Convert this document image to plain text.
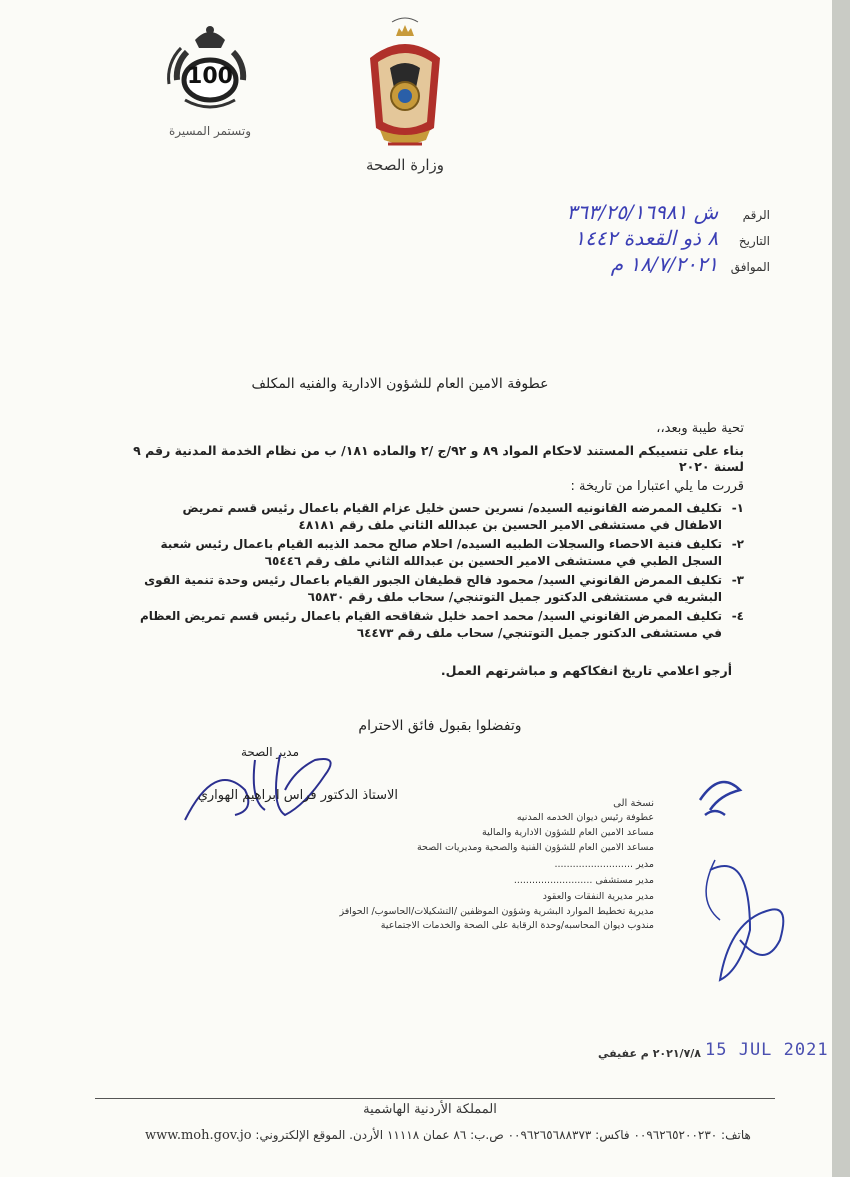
100
وتستمر المسيرة
وزارة الصحة
الرقم ش ٣٦٣/٢٥/١٦٩٨١
التاريخ ٨ ذو القعدة ١٤٤٢
الموافق ١٨/٧/٢٠٢١ م
عطوفة الامين العام للشؤون الادارية والفنيه المكلف
تحية طيبة وبعد،،
بناء على تنسيبكم المستند لاحكام المواد ٨٩ و ٩٢/ج /٢ والماده ١٨١/ ب من نظام الخدمة المدنية رقم ٩
لسنة ٢٠٢٠
قررت ما يلي اعتبارا من تاريخة :
١-
تكليف الممرضه القانونيه السيده/ نسرين حسن خليل عزام القيام باعمال رئيس قسم تمريض
الاطفال في مستشفى الامير الحسين بن عبدالله الثاني ملف رقم ٤٨١٨١
٢-
تكليف فنية الاحصاء والسجلات الطبيه السيده/ احلام صالح محمد الذيبه القيام باعمال رئيس شعبة
السجل الطبي في مستشفى الامير الحسين بن عبدالله الثاني ملف رقم ٦٥٤٤٦
٣-
تكليف الممرض القانوني السيد/ محمود فالح قطيفان الجبور القيام باعمال رئيس وحدة تنمية القوى
البشريه في مستشفى الدكتور جميل التوتنجي/ سحاب ملف رقم ٦٥٨٣٠
٤-
تكليف الممرض القانوني السيد/ محمد احمد خليل شقاقحه القيام باعمال رئيس قسم تمريض العظام
في مستشفى الدكتور جميل التوتنجي/ سحاب ملف رقم ٦٤٤٧٣
أرجو اعلامي تاريخ انفكاكهم و مباشرتهم العمل.
وتفضلوا بقبول فائق الاحترام
مدير الصحة
الاستاذ الدكتور فراس ابراهيم الهواري
نسخة الى
عطوفة رئيس ديوان الخدمه المدنيه
مساعد الامين العام للشؤون الادارية والمالية
مساعد الامين العام للشؤون الفنية والصحية ومديريات الصحة
مدير ..........................
مدير مستشفى ..........................
مدير مديرية النفقات والعقود
مديرية تخطيط الموارد البشرية وشؤون الموظفين /التشكيلات/الحاسوب/ الحوافز
مندوب ديوان المحاسبه/وحدة الرقابة على الصحة والخدمات الاجتماعية
٢٠٢١/٧/٨ م عفيفي 15 JUL 2021
المملكة الأردنية الهاشمية
www.moh.gov.jo هاتف: ٠٠٩٦٢٦٥٢٠٠٢٣٠ فاكس: ٠٠٩٦٢٦٥٦٨٨٣٧٣ ص.ب: ٨٦ عمان ١١١١٨ الأردن. الموقع الإلكتروني:
